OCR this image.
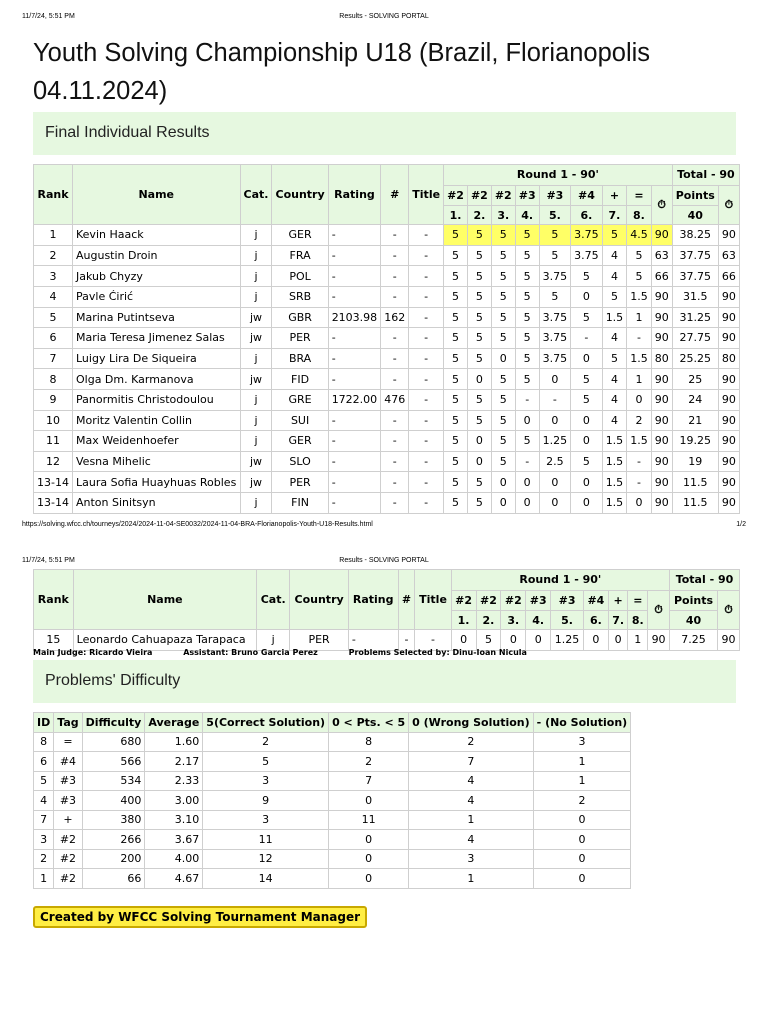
11/7/24, 5:51 PM	Results - SOLVING PORTAL
Youth Solving Championship U18 (Brazil, Florianopolis 04.11.2024)
Final Individual Results
Rank	Name	Cat.	Country	Rating	#	Title	Round 1 - 90'									Total - 90	
							#2	#2	#2	#3	#3	#4	+	=	⏱	Points	⏱
							1.	2.	3.	4.	5.	6.	7.	8.		40	
1	Kevin Haack	j	GER	-	-	-	5	5	5	5	5	3.75	5	4.5	90	38.25	90
2	Augustin Droin	j	FRA	-	-	-	5	5	5	5	5	3.75	4	5	63	37.75	63
3	Jakub Chyzy	j	POL	-	-	-	5	5	5	5	3.75	5	4	5	66	37.75	66
4	Pavle Ćirić	j	SRB	-	-	-	5	5	5	5	5	0	5	1.5	90	31.5	90
5	Marina Putintseva	jw	GBR	2103.98	162	-	5	5	5	5	3.75	5	1.5	1	90	31.25	90
6	Maria Teresa Jimenez Salas	jw	PER	-	-	-	5	5	5	5	3.75	-	4	-	90	27.75	90
7	Luigy Lira De Siqueira	j	BRA	-	-	-	5	5	0	5	3.75	0	5	1.5	80	25.25	80
8	Olga Dm. Karmanova	jw	FID	-	-	-	5	0	5	5	0	5	4	1	90	25	90
9	Panormitis Christodoulou	j	GRE	1722.00	476	-	5	5	5	-	-	5	4	0	90	24	90
10	Moritz Valentin Collin	j	SUI	-	-	-	5	5	5	0	0	0	4	2	90	21	90
11	Max Weidenhoefer	j	GER	-	-	-	5	0	5	5	1.25	0	1.5	1.5	90	19.25	90
12	Vesna Mihelic	jw	SLO	-	-	-	5	0	5	-	2.5	5	1.5	-	90	19	90
13-14	Laura Sofia Huayhuas Robles	jw	PER	-	-	-	5	5	0	0	0	0	1.5	-	90	11.5	90
13-14	Anton Sinitsyn	j	FIN	-	-	-	5	5	0	0	0	0	1.5	0	90	11.5	90
https://solving.wfcc.ch/tourneys/2024/2024-11-04-SE0032/2024-11-04-BRA-Florianopolis-Youth-U18-Results.html	1/2
11/7/24, 5:51 PM	Results - SOLVING PORTAL
Rank	Name	Cat.	Country	Rating	#	Title	Round 1 - 90'									Total - 90	
							#2	#2	#2	#3	#3	#4	+	=	⏱	Points	⏱
							1.	2.	3.	4.	5.	6.	7.	8.		40	
15	Leonardo Cahuapaza Tarapaca	j	PER	-	-	-	0	5	0	0	1.25	0	0	1	90	7.25	90
Main Judge: Ricardo Vieira	Assistant: Bruno Garcia Perez	Problems Selected by: Dinu-Ioan Nicula
Problems' Difficulty
ID	Tag	Difficulty	Average	5(Correct Solution)	0 < Pts. < 5	0 (Wrong Solution)	- (No Solution)
8	=	680	1.60	2	8	2	3
6	#4	566	2.17	5	2	7	1
5	#3	534	2.33	3	7	4	1
4	#3	400	3.00	9	0	4	2
7	+	380	3.10	3	11	1	0
3	#2	266	3.67	11	0	4	0
2	#2	200	4.00	12	0	3	0
1	#2	66	4.67	14	0	1	0
Created by WFCC Solving Tournament Manager
